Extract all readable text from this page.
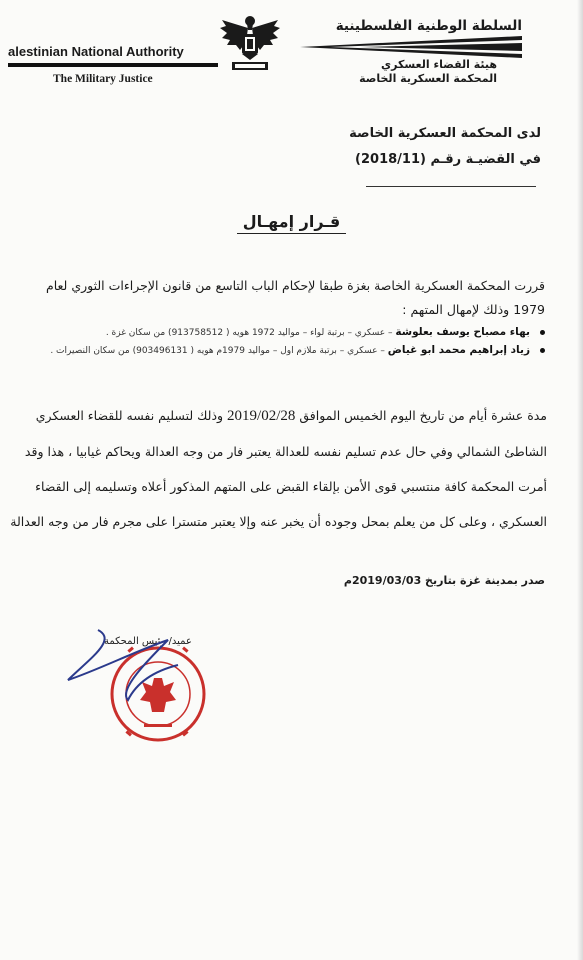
alestinian National Authority
The Military Justice
السلطة الوطنية الفلسطينية
هيئة القضاء العسكري
المحكمة العسكرية الخاصة
لدى المحكمة العسكرية الخاصة
في القضيـة رقـم (2018/11)
قـرار إمهـال
قررت المحكمة العسكرية الخاصة بغزة طبقا لإحكام الباب التاسع من قانون الإجراءات الثوري لعام 1979 وذلك لإمهال المتهم :
بهاء مصباح يوسف بعلوشة – عسكري – برتبة لواء – مواليد 1972 هويه ( 913758512) من سكان غزة .
زياد إبراهيم محمد ابو غياض – عسكري – برتبة ملازم اول – مواليد 1979م هويه ( 903496131) من سكان النصيرات .
مدة عشرة أيام من تاريخ اليوم الخميس الموافق 2019/02/28 وذلك لتسليم نفسه للقضاء العسكري الشاطئ الشمالي وفي حال عدم تسليم نفسه للعدالة يعتبر فار من وجه العدالة ويحاكم غيابيا ، هذا وقد أمرت المحكمة كافة منتسبي قوى الأمن بإلقاء القبض على المتهم المذكور أعلاه وتسليمه إلى القضاء العسكري ، وعلى كل من يعلم بمحل وجوده أن يخبر عنه وإلا يعتبر متسترا على مجرم فار من وجه العدالة
صدر بمدينة غزة بتاريخ 2019/03/03م
عميد/ رئيس المحكمة
